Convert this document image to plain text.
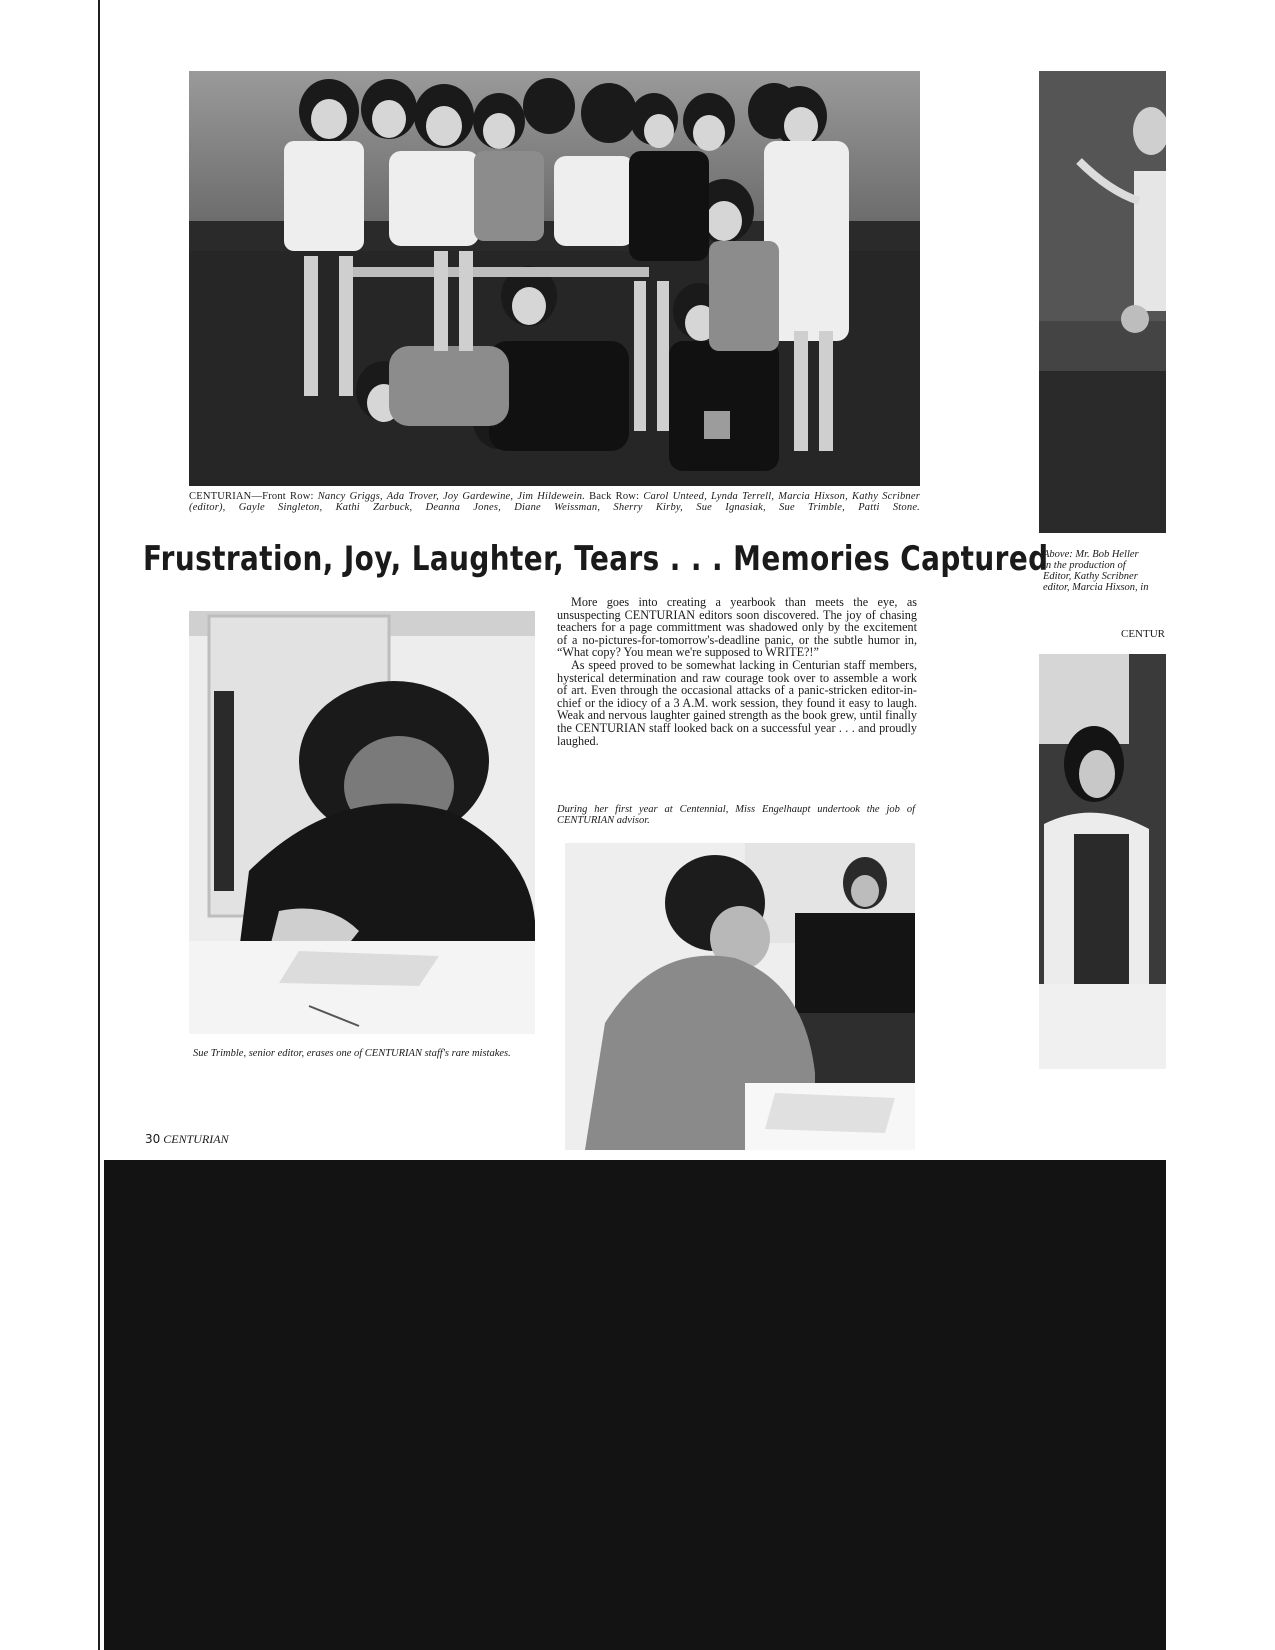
CENTURIAN—Front Row: Nancy Griggs, Ada Trover, Joy Gardewine, Jim Hildewein. Back Row: Carol Unteed, Lynda Terrell, Marcia Hixson, Kathy Scribner (editor), Gayle Singleton, Kathi Zarbuck, Deanna Jones, Diane Weissman, Sherry Kirby, Sue Ignasiak, Sue Trimble, Patti Stone.
Frustration, Joy, Laughter, Tears . . . Memories Captured

More goes into creating a yearbook than meets the eye, as unsuspecting CENTURIAN editors soon discovered. The joy of chasing teachers for a page committment was shadowed only by the excitement of a no-pictures-for-tomorrow's-deadline panic, or the subtle humor in, “What copy? You mean we're supposed to WRITE?!”

As speed proved to be somewhat lacking in Centurian staff members, hysterical determination and raw courage took over to assemble a work of art. Even through the occasional attacks of a panic-stricken editor-in-chief or the idiocy of a 3 A.M. work session, they found it easy to laugh. Weak and nervous laughter gained strength as the book grew, until finally the CENTURIAN staff looked back on a successful year . . . and proudly laughed.

During her first year at Centennial, Miss Engelhaupt undertook the job of CENTURIAN advisor.
Sue Trimble, senior editor, erases one of CENTURIAN staff's rare mistakes.
30 CENTURIAN
Above: Mr. Bob Heller
in the production of
Editor, Kathy Scribner
editor, Marcia Hixson, in
CENTUR
